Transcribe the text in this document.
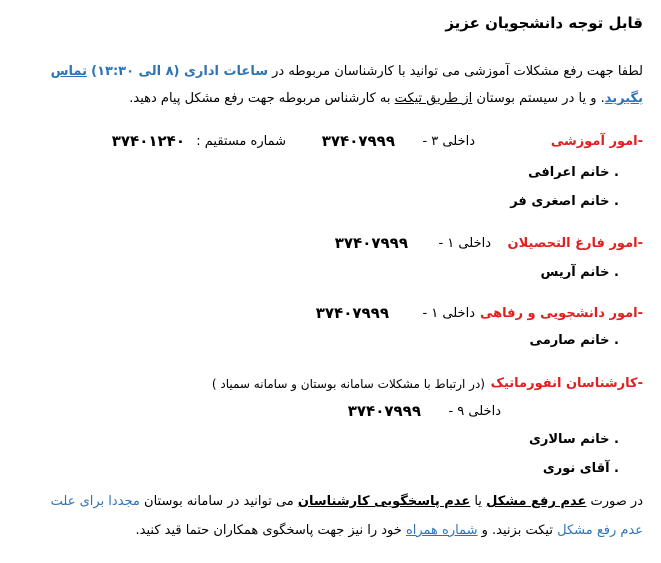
قابل توجه دانشجویان عزیز
لطفا جهت رفع مشکلات آموزشی می توانید با کارشناسان مربوطه در ساعات اداری (۸ الی ۱۳:۳۰) تماس
بگیرید. و یا در سیستم بوستان از طریق تیکت به کارشناس مربوطه جهت رفع مشکل پیام دهید.
-امور آموزشی
داخلی ۳ -
۳۷۴۰۷۹۹۹
شماره مستقیم :
۳۷۴۰۱۲۴۰
. خانم اعرافی
. خانم اصغری فر
-امور فارغ التحصیلان
داخلی ۱ -
۳۷۴۰۷۹۹۹
. خانم آریس
-امور دانشجویی و رفاهی
داخلی ۱ -
۳۷۴۰۷۹۹۹
. خانم صارمی
-کارشناسان انفورماتیک
(در ارتباط با مشکلات سامانه بوستان و سامانه سمیاد )
داخلی ۹ -
۳۷۴۰۷۹۹۹
. خانم سالاری
. آقای نوری
در صورت عدم رفع مشکل یا عدم پاسخگویی کارشناسان می توانید در سامانه بوستان مجددا برای علت
عدم رفع مشکل تیکت بزنید. و شماره همراه خود را نیز جهت پاسخگوی همکاران حتما قید کنید.
